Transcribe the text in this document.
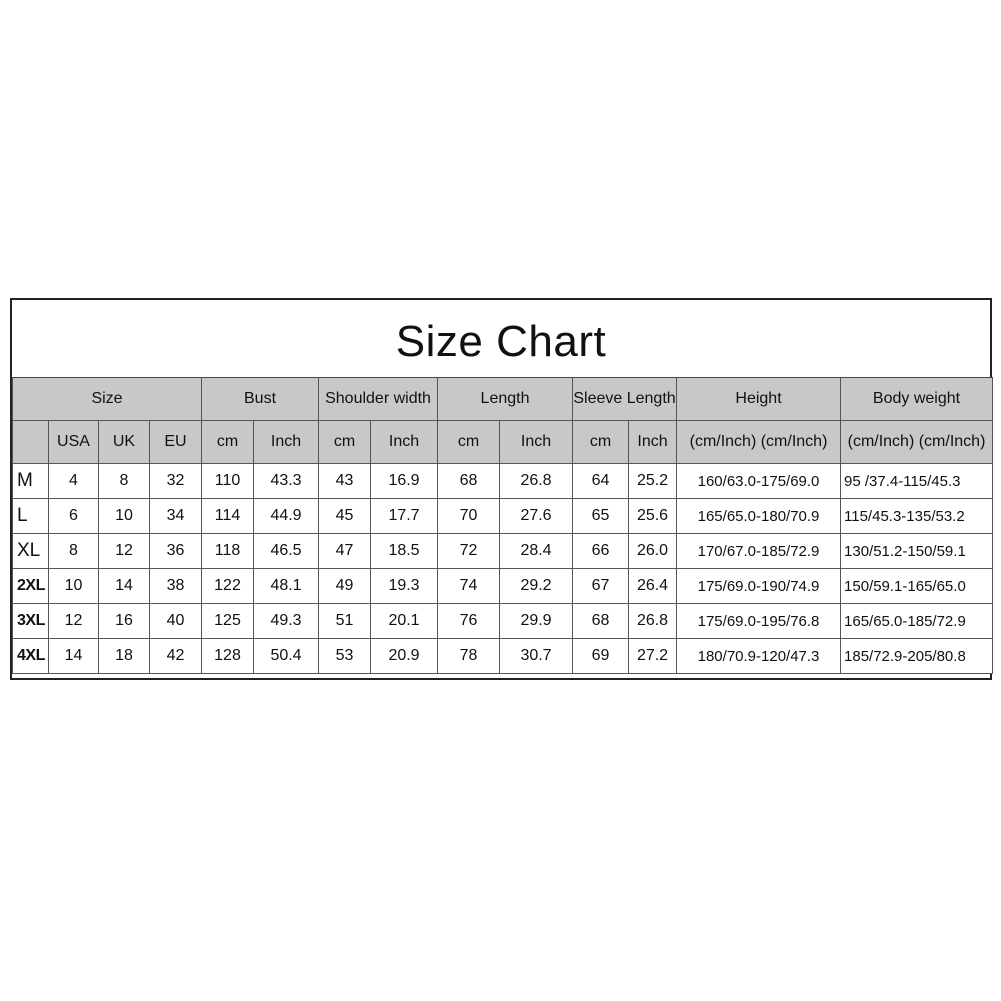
Size Chart
Size				Bust		Shoulder width		Length		Sleeve Length		Height	Body weight
	USA	UK	EU	cm	Inch	cm	Inch	cm	Inch	cm	Inch	(cm/Inch) (cm/Inch)	(cm/Inch) (cm/Inch)
M	4	8	32	110	43.3	43	16.9	68	26.8	64	25.2	160/63.0-175/69.0	95 /37.4-115/45.3
L	6	10	34	114	44.9	45	17.7	70	27.6	65	25.6	165/65.0-180/70.9	115/45.3-135/53.2
XL	8	12	36	118	46.5	47	18.5	72	28.4	66	26.0	170/67.0-185/72.9	130/51.2-150/59.1
2XL	10	14	38	122	48.1	49	19.3	74	29.2	67	26.4	175/69.0-190/74.9	150/59.1-165/65.0
3XL	12	16	40	125	49.3	51	20.1	76	29.9	68	26.8	175/69.0-195/76.8	165/65.0-185/72.9
4XL	14	18	42	128	50.4	53	20.9	78	30.7	69	27.2	180/70.9-120/47.3	185/72.9-205/80.8
